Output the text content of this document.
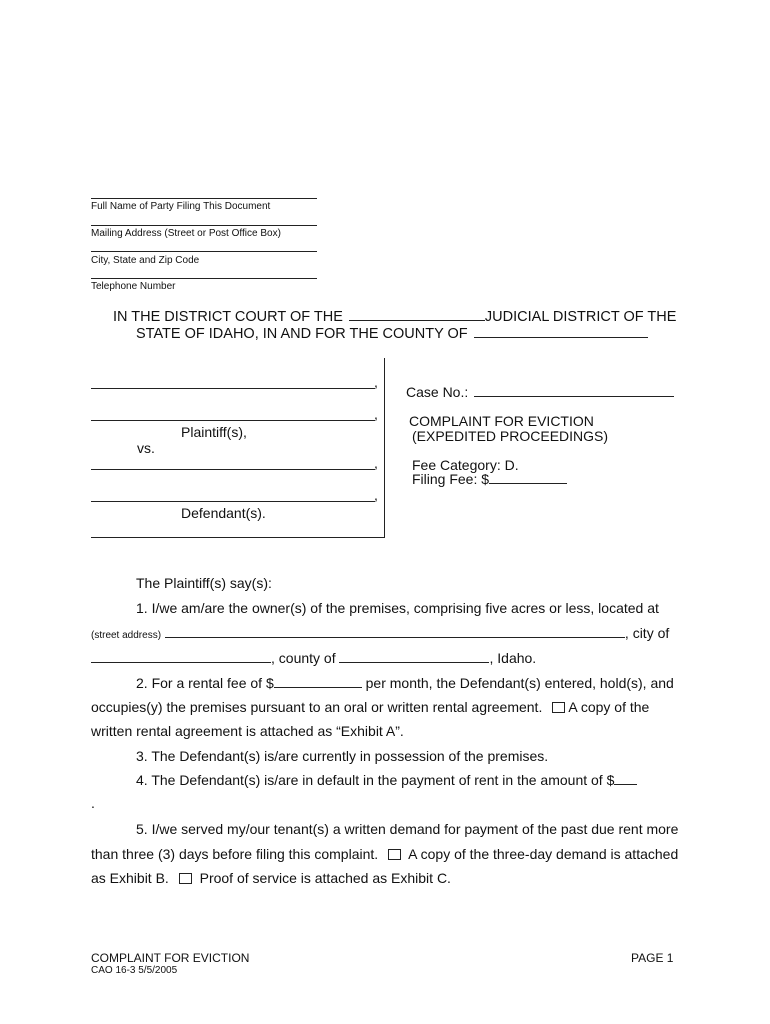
Full Name of Party Filing This Document
Mailing Address (Street or Post Office Box)
City, State and Zip Code
Telephone Number
IN THE DISTRICT COURT OF THE	JUDICIAL DISTRICT OF THE
STATE OF IDAHO, IN AND FOR THE COUNTY OF
,
,
Plaintiff(s),
vs.
,
,
Defendant(s).
Case No.:
COMPLAINT FOR EVICTION
(EXPEDITED PROCEEDINGS)
Fee Category: D.
Filing Fee: $
The Plaintiff(s) say(s):
1. I/we am/are the owner(s) of the premises, comprising five acres or less, located at
(street address)	, city of
, county of	, Idaho.
2. For a rental fee of $	per month, the Defendant(s) entered, hold(s), and
occupies(y) the premises pursuant to an oral or written rental agreement. A copy of the
written rental agreement is attached as “Exhibit A”.
3. The Defendant(s) is/are currently in possession of the premises.
4. The Defendant(s) is/are in default in the payment of rent in the amount of $
.
5. I/we served my/our tenant(s) a written demand for payment of the past due rent more
than three (3) days before filing this complaint. A copy of the three-day demand is attached
as Exhibit B. Proof of service is attached as Exhibit C.
COMPLAINT FOR EVICTION	PAGE 1
CAO 16-3 5/5/2005
